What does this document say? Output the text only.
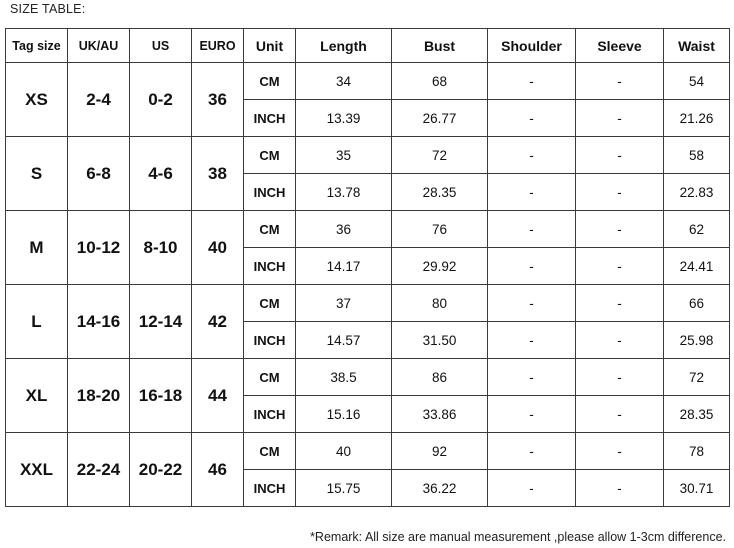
SIZE TABLE:
Tag size	UK/AU	US	EURO	Unit	Length	Bust	Shoulder	Sleeve	Waist
XS	2-4	0-2	36	CM	34	68	-	-	54
				INCH	13.39	26.77	-	-	21.26
S	6-8	4-6	38	CM	35	72	-	-	58
				INCH	13.78	28.35	-	-	22.83
M	10-12	8-10	40	CM	36	76	-	-	62
				INCH	14.17	29.92	-	-	24.41
L	14-16	12-14	42	CM	37	80	-	-	66
				INCH	14.57	31.50	-	-	25.98
XL	18-20	16-18	44	CM	38.5	86	-	-	72
				INCH	15.16	33.86	-	-	28.35
XXL	22-24	20-22	46	CM	40	92	-	-	78
				INCH	15.75	36.22	-	-	30.71
*Remark: All size are manual measurement ,please allow 1-3cm difference.
